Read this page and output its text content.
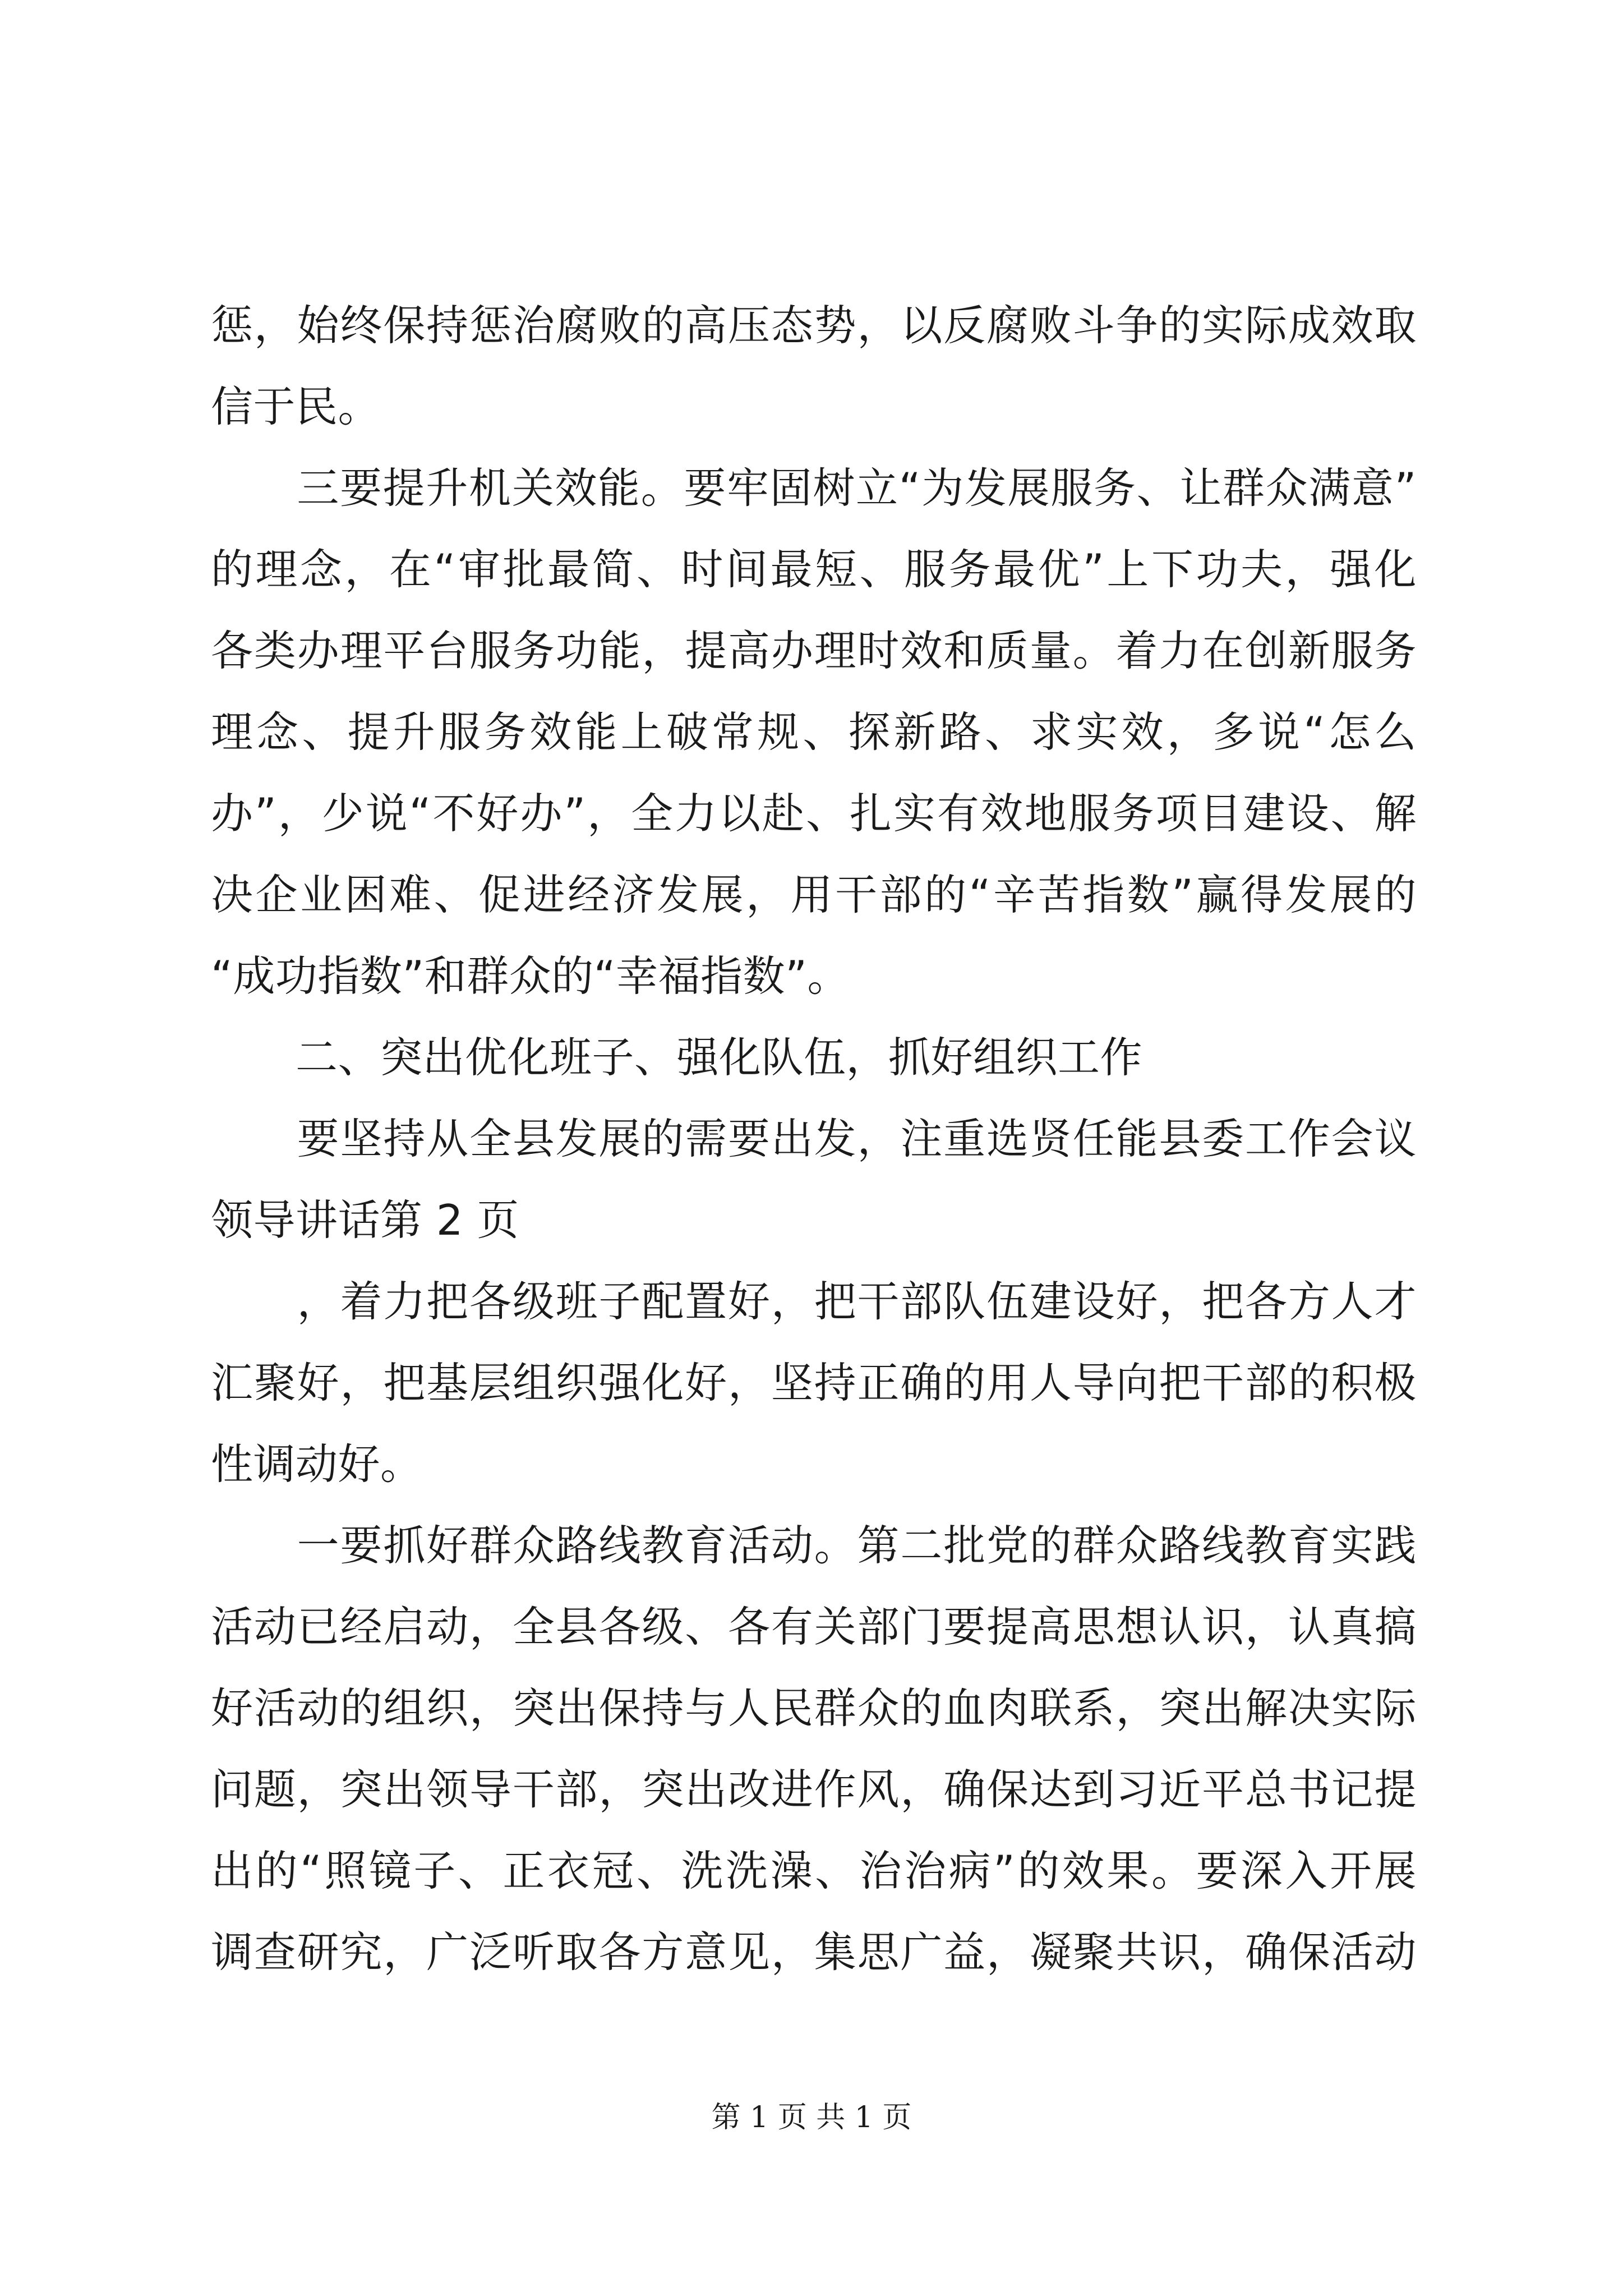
惩，始终保持惩治腐败的高压态势，以反腐败斗争的实际成效取
信于民。
　　三要提升机关效能。要牢固树立“为发展服务、让群众满意”
的理念，在“审批最简、时间最短、服务最优”上下功夫，强化
各类办理平台服务功能，提高办理时效和质量。着力在创新服务
理念、提升服务效能上破常规、探新路、求实效，多说“怎么
办”，少说“不好办”，全力以赴、扎实有效地服务项目建设、解
决企业困难、促进经济发展，用干部的“辛苦指数”赢得发展的
“成功指数”和群众的“幸福指数”。
　　二、突出优化班子、强化队伍，抓好组织工作
　　要坚持从全县发展的需要出发，注重选贤任能县委工作会议
领导讲话第 2 页
　　，着力把各级班子配置好，把干部队伍建设好，把各方人才
汇聚好，把基层组织强化好，坚持正确的用人导向把干部的积极
性调动好。
　　一要抓好群众路线教育活动。第二批党的群众路线教育实践
活动已经启动，全县各级、各有关部门要提高思想认识，认真搞
好活动的组织，突出保持与人民群众的血肉联系，突出解决实际
问题，突出领导干部，突出改进作风，确保达到习近平总书记提
出的“照镜子、正衣冠、洗洗澡、治治病”的效果。要深入开展
调查研究，广泛听取各方意见，集思广益，凝聚共识，确保活动
第 1 页 共 1 页
